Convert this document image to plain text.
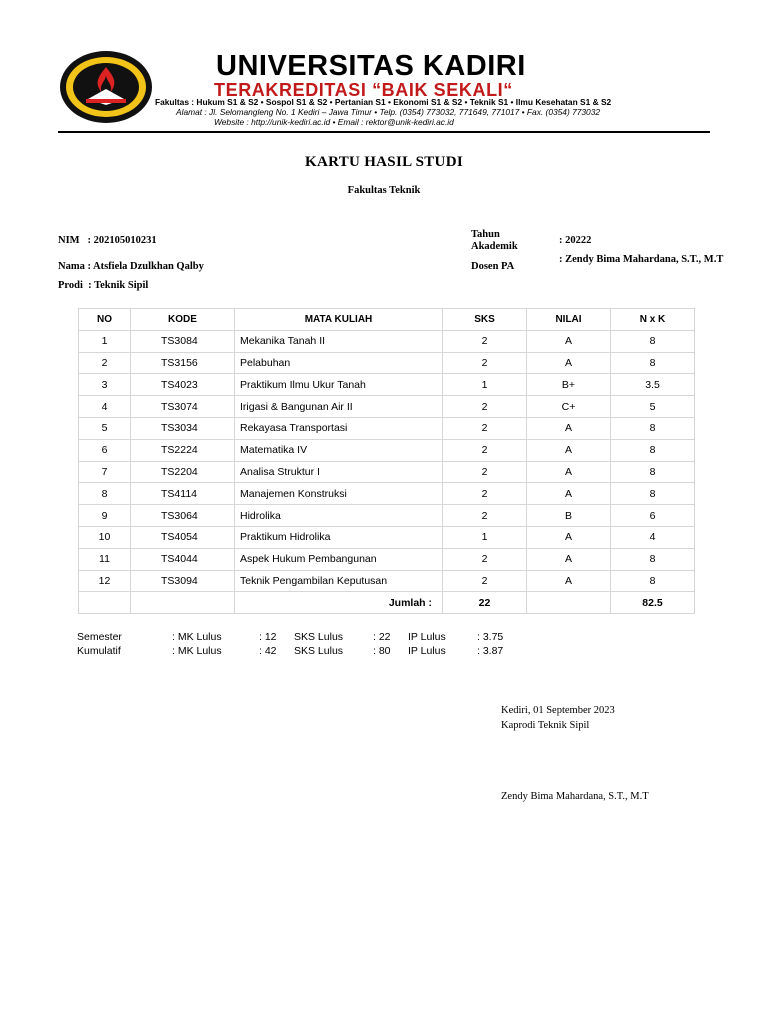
UNIVERSITAS KADIRI
TERAKREDITASI “BAIK SEKALI“
Fakultas : Hukum S1 & S2 • Sospol S1 & S2 • Pertanian S1 • Ekonomi S1 & S2 • Teknik S1 • Ilmu Kesehatan S1 & S2
Alamat : Jl. Selomangleng No. 1 Kediri – Jawa Timur • Telp. (0354) 773032, 771649, 771017 • Fax. (0354) 773032
Website : http://unik-kediri.ac.id • Email : rektor@unik-kediri.ac.id
KARTU HASIL STUDI
Fakultas Teknik
NIM : 202105010231
Nama : Atsfiela Dzulkhan Qalby
Prodi : Teknik Sipil
Tahun Akademik
: 20222
Dosen PA
: Zendy Bima Mahardana, S.T., M.T
NO	KODE	MATA KULIAH	SKS	NILAI	N x K
1	TS3084	Mekanika Tanah II	2	A	8
2	TS3156	Pelabuhan	2	A	8
3	TS4023	Praktikum Ilmu Ukur Tanah	1	B+	3.5
4	TS3074	Irigasi & Bangunan Air II	2	C+	5
5	TS3034	Rekayasa Transportasi	2	A	8
6	TS2224	Matematika IV	2	A	8
7	TS2204	Analisa Struktur I	2	A	8
8	TS4114	Manajemen Konstruksi	2	A	8
9	TS3064	Hidrolika	2	B	6
10	TS4054	Praktikum Hidrolika	1	A	4
11	TS4044	Aspek Hukum Pembangunan	2	A	8
12	TS3094	Teknik Pengambilan Keputusan	2	A	8
		Jumlah :	22		82.5
Semester	: MK Lulus	: 12 SKS Lulus	: 22 IP Lulus	: 3.75
Kumulatif	: MK Lulus	: 42 SKS Lulus	: 80 IP Lulus	: 3.87
Kediri, 01 September 2023
Kaprodi Teknik Sipil
Zendy Bima Mahardana, S.T., M.T
